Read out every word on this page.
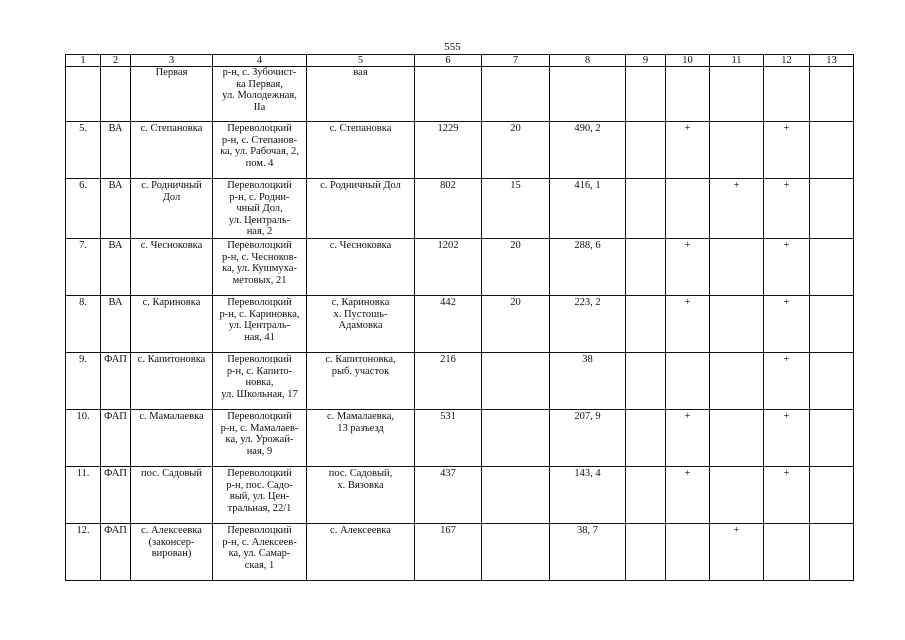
555
1	2	3	4	5	6	7	8	9	10	11	12	13
		Первая	р-н, с. Зубочист-
ка Первая,
ул. Молодежная,
IIа	вая								
5.	ВА	с. Степановка	Переволоцкий
р-н, с. Степанов-
ка, ул. Рабочая, 2,
пом. 4	с. Степановка	1229	20	490, 2		+		+	
6.	ВА	с. Родничный
Дол	Переволоцкий
р-н, с. Родни-
чный Дол,
ул. Централь-
ная, 2	с. Родничный Дол	802	15	416, 1			+	+	
7.	ВА	с. Чесноковка	Переволоцкий
р-н, с. Чесноков-
ка, ул. Кушмуха-
метовых, 21	с. Чесноковка	1202	20	288, 6		+		+	
8.	ВА	с. Кариновка	Переволоцкий
р-н, с. Кариновка,
ул. Централь-
ная, 41	с. Кариновка
х. Пустошь-
Адамовка	442	20	223, 2		+		+	
9.	ФАП	с. Капитоновка	Переволоцкий
р-н, с. Капито-
новка,
ул. Школьная, 17	с. Капитоновка,
рыб. участок	216		38				+	
10.	ФАП	с. Мамалаевка	Переволоцкий
р-н, с. Мамалаев-
ка, ул. Урожай-
ная, 9	с. Мамалаевка,
13 разъезд	531		207, 9		+		+	
11.	ФАП	пос. Садовый	Переволоцкий
р-н, пос. Садо-
вый, ул. Цен-
тральная, 22/1	пос. Садовый,
х. Вязовка	437		143, 4		+		+	
12.	ФАП	с. Алексеевка
(законсер-
вирован)	Переволоцкий
р-н, с. Алексеев-
ка, ул. Самар-
ская, 1	с. Алексеевка	167		38, 7			+		
